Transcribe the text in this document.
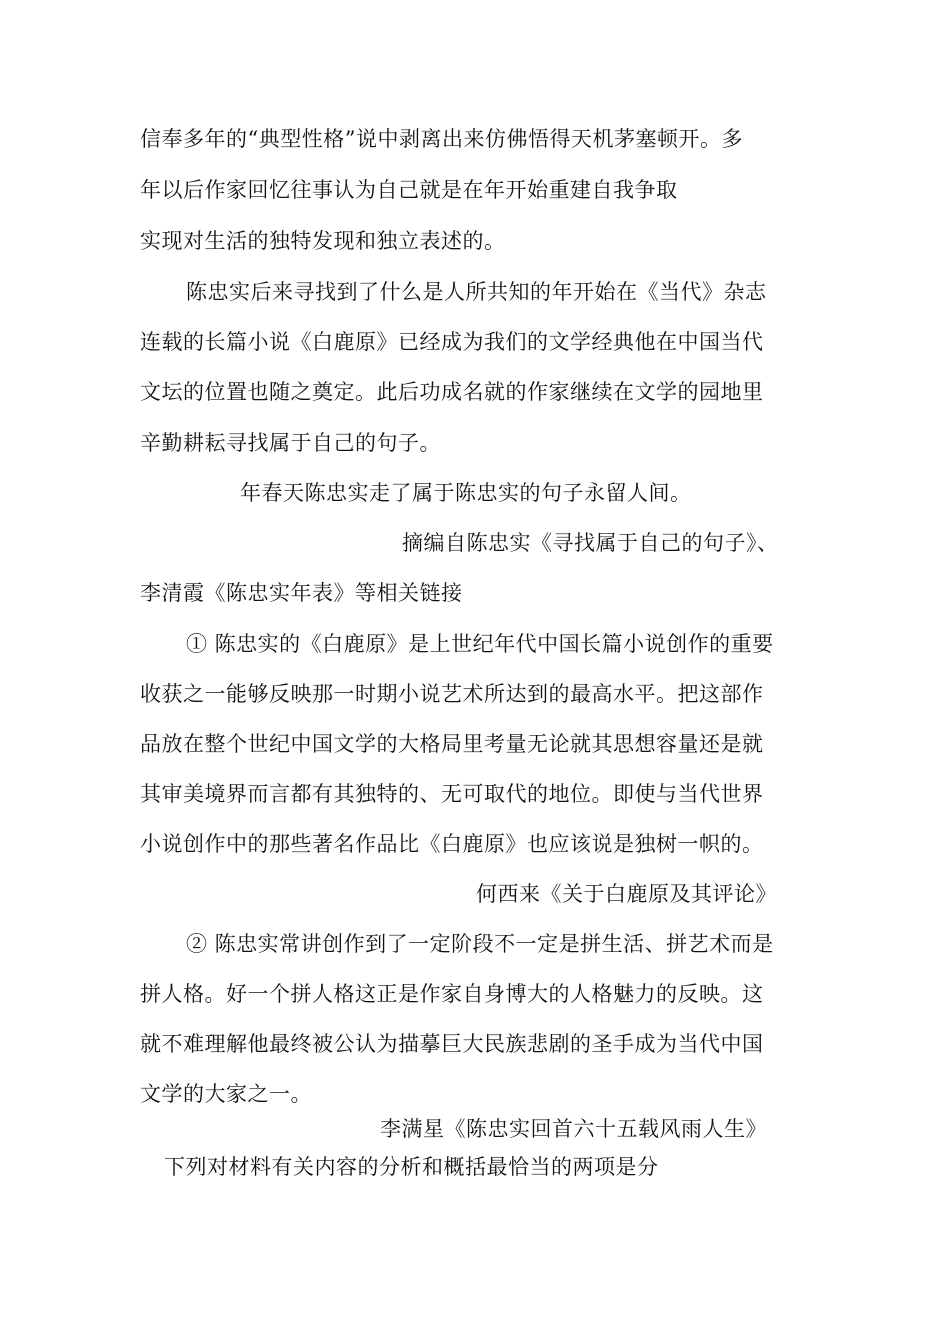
信奉多年的“典型性格”说中剥离出来仿佛悟得天机茅塞顿开。多
年以后作家回忆往事认为自己就是在年开始重建自我争取
实现对生活的独特发现和独立表述的。
陈忠实后来寻找到了什么是人所共知的年开始在《当代》杂志
连载的长篇小说《白鹿原》已经成为我们的文学经典他在中国当代
文坛的位置也随之奠定。此后功成名就的作家继续在文学的园地里
辛勤耕耘寻找属于自己的句子。
年春天陈忠实走了属于陈忠实的句子永留人间。
摘编自陈忠实《寻找属于自己的句子》、
李清霞《陈忠实年表》等相关链接
① 陈忠实的《白鹿原》是上世纪年代中国长篇小说创作的重要
收获之一能够反映那一时期小说艺术所达到的最高水平。把这部作
品放在整个世纪中国文学的大格局里考量无论就其思想容量还是就
其审美境界而言都有其独特的、无可取代的地位。即使与当代世界
小说创作中的那些著名作品比《白鹿原》也应该说是独树一帜的。
何西来《关于白鹿原及其评论》
② 陈忠实常讲创作到了一定阶段不一定是拼生活、拼艺术而是
拼人格。好一个拼人格这正是作家自身博大的人格魅力的反映。这
就不难理解他最终被公认为描摹巨大民族悲剧的圣手成为当代中国
文学的大家之一。
李满星《陈忠实回首六十五载风雨人生》
下列对材料有关内容的分析和概括最恰当的两项是分
